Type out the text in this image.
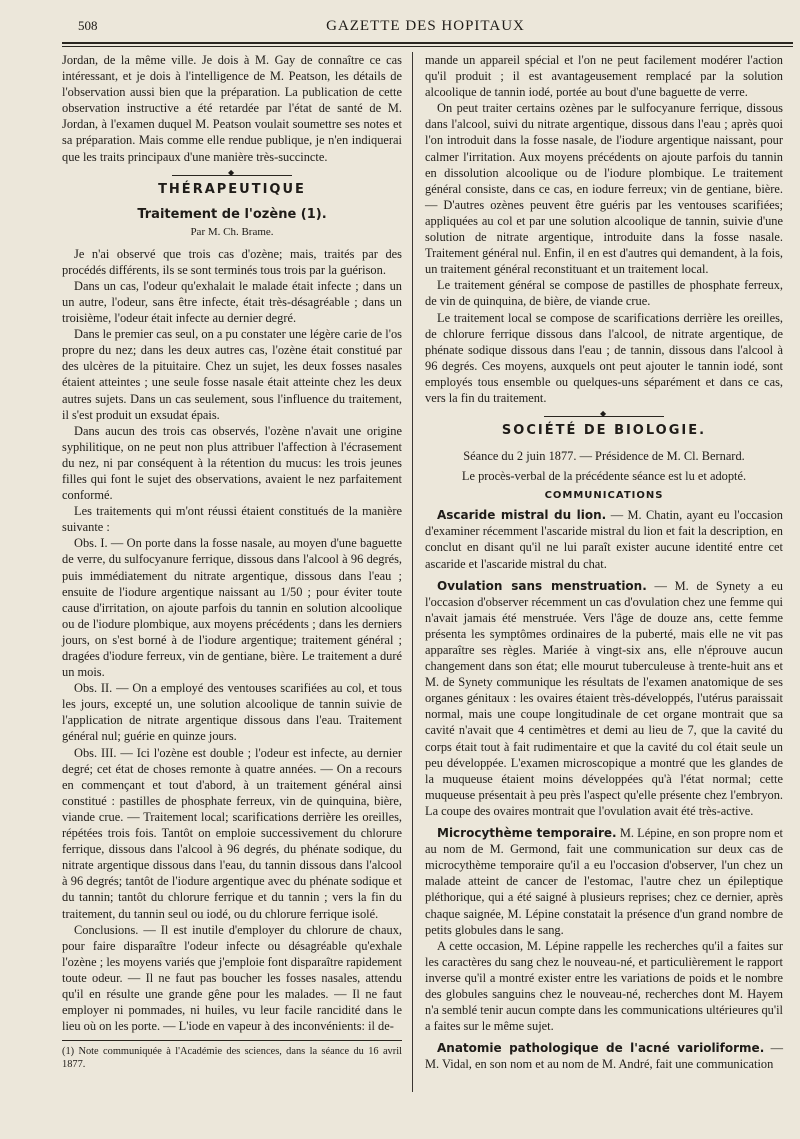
508	GAZETTE DES HOPITAUX

Jordan, de la même ville. Je dois à M. Gay de connaître ce cas intéressant, et je dois à l'intelligence de M. Peatson, les détails de l'observation aussi bien que la préparation. La publication de cette observation instructive a été retardée par l'état de santé de M. Jordan, à l'examen duquel M. Peatson voulait soumettre ses notes et sa préparation. Mais comme elle rendue publique, je n'en indiquerai que les traits principaux d'une manière très-succincte.

◆
THÉRAPEUTIQUE
Traitement de l'ozène (1).
Par M. Ch. Brame.

Je n'ai observé que trois cas d'ozène; mais, traités par des procédés différents, ils se sont terminés tous trois par la guérison.

Dans un cas, l'odeur qu'exhalait le malade était infecte ; dans un un autre, l'odeur, sans être infecte, était très-désagréable ; dans un troisième, l'odeur était infecte au dernier degré.

Dans le premier cas seul, on a pu constater une légère carie de l'os propre du nez; dans les deux autres cas, l'ozène était constitué par des ulcères de la pituitaire. Chez un sujet, les deux fosses nasales étaient atteintes ; une seule fosse nasale était atteinte chez les deux autres sujets. Dans un cas seulement, sous l'influence du traitement, il s'est produit un exsudat épais.

Dans aucun des trois cas observés, l'ozène n'avait une origine syphilitique, on ne peut non plus attribuer l'affection à l'écrasement du nez, ni par conséquent à la rétention du mucus: les trois jeunes filles qui font le sujet des observations, avaient le nez parfaitement conformé.

Les traitements qui m'ont réussi étaient constitués de la manière suivante :

Obs. I. — On porte dans la fosse nasale, au moyen d'une baguette de verre, du sulfocyanure ferrique, dissous dans l'alcool à 96 degrés, puis immédiatement du nitrate argentique, dissous dans l'eau ; ensuite de l'iodure argentique naissant au 1/50 ; pour éviter toute cause d'irritation, on ajoute parfois du tannin en solution alcoolique ou de l'iodure plombique, aux moyens précédents ; dans les derniers jours, on s'est borné à de l'iodure argentique; traitement général ; dragées d'iodure ferreux, vin de gentiane, bière. Le traitement a duré un mois.

Obs. II. — On a employé des ventouses scarifiées au col, et tous les jours, excepté un, une solution alcoolique de tannin suivie de l'application de nitrate argentique dissous dans l'eau. Traitement général nul; guérie en quinze jours.

Obs. III. — Ici l'ozène est double ; l'odeur est infecte, au dernier degré; cet état de choses remonte à quatre années. — On a recours en commençant et tout d'abord, à un traitement général ainsi constitué : pastilles de phosphate ferreux, vin de quinquina, bière, viande crue. — Traitement local; scarifications derrière les oreilles, répétées trois fois. Tantôt on emploie successivement du chlorure ferrique, dissous dans l'alcool à 96 degrés, du phénate sodique, du nitrate argentique dissous dans l'eau, du tannin dissous dans l'alcool à 96 degrés; tantôt de l'iodure argentique avec du phénate sodique et du tannin; tantôt du chlorure ferrique et du tannin ; vers la fin du traitement, du tannin seul ou iodé, ou du chlorure ferrique isolé.

Conclusions. — Il est inutile d'employer du chlorure de chaux, pour faire disparaître l'odeur infecte ou désagréable qu'exhale l'ozène ; les moyens variés que j'emploie font disparaître rapidement toute odeur. — Il ne faut pas boucher les fosses nasales, attendu qu'il en résulte une grande gêne pour les malades. — Il ne faut employer ni pommades, ni huiles, vu leur facile rancidité dans le lieu où on les porte. — L'iode en vapeur à des inconvénients: il de-

(1) Note communiquée à l'Académie des sciences, dans la séance du 16 avril 1877.

mande un appareil spécial et l'on ne peut facilement modérer l'action qu'il produit ; il est avantageusement remplacé par la solution alcoolique de tannin iodé, portée au bout d'une baguette de verre.

On peut traiter certains ozènes par le sulfocyanure ferrique, dissous dans l'alcool, suivi du nitrate argentique, dissous dans l'eau ; après quoi l'on introduit dans la fosse nasale, de l'iodure argentique naissant, pour calmer l'irritation. Aux moyens précédents on ajoute parfois du tannin en dissolution alcoolique ou de l'iodure plombique. Le traitement général consiste, dans ce cas, en iodure ferreux; vin de gentiane, bière. — D'autres ozènes peuvent être guéris par les ventouses scarifiées; appliquées au col et par une solution alcoolique de tannin, suivie d'une solution de nitrate argentique, introduite dans la fosse nasale. Traitement général nul. Enfin, il en est d'autres qui demandent, à la fois, un traitement général reconstituant et un traitement local.

Le traitement général se compose de pastilles de phosphate ferreux, de vin de quinquina, de bière, de viande crue.

Le traitement local se compose de scarifications derrière les oreilles, de chlorure ferrique dissous dans l'alcool, de nitrate argentique, de phénate sodique dissous dans l'eau ; de tannin, dissous dans l'alcool à 96 degrés. Ces moyens, auxquels ont peut ajouter le tannin iodé, sont employés tous ensemble ou quelques-uns séparément et dans ce cas, vers la fin du traitement.

◆
SOCIÉTÉ DE BIOLOGIE.

Séance du 2 juin 1877. — Présidence de M. Cl. Bernard.

Le procès-verbal de la précédente séance est lu et adopté.

COMMUNICATIONS

Ascaride mistral du lion. — M. Chatin, ayant eu l'occasion d'examiner récemment l'ascaride mistral du lion et fait la description, en conclut en disant qu'il ne lui paraît exister aucune identité entre cet ascaride et l'ascaride mistral du chat.

Ovulation sans menstruation. — M. de Synety a eu l'occasion d'observer récemment un cas d'ovulation chez une femme qui n'avait jamais été menstruée. Vers l'âge de douze ans, cette femme présenta les symptômes ordinaires de la puberté, mais elle ne vit pas apparaître ses règles. Mariée à vingt-six ans, elle n'éprouve aucun changement dans son état; elle mourut tuberculeuse à trente-huit ans et M. de Synety communique les résultats de l'examen anatomique de ses organes génitaux : les ovaires étaient très-développés, l'utérus paraissait normal, mais une coupe longitudinale de cet organe montrait que sa cavité n'avait que 4 centimètres et demi au lieu de 7, que la cavité du corps était tout à fait rudimentaire et que la cavité du col était seule un peu développée. L'examen microscopique a montré que les glandes de la muqueuse étaient moins développées qu'à l'état normal; cette muqueuse présentait à peu près l'aspect qu'elle présente chez l'embryon. La coupe des ovaires montrait que l'ovulation avait été très-active.

Microcythème temporaire. M. Lépine, en son propre nom et au nom de M. Germond, fait une communication sur deux cas de microcythème temporaire qu'il a eu l'occasion d'observer, l'un chez un malade atteint de cancer de l'estomac, l'autre chez un épileptique pléthorique, qui a été saigné à plusieurs reprises; chez ce dernier, après chaque saignée, M. Lépine constatait la présence d'un grand nombre de petits globules dans le sang.

A cette occasion, M. Lépine rappelle les recherches qu'il a faites sur les caractères du sang chez le nouveau-né, et particulièrement le rapport inverse qu'il a montré exister entre les variations de poids et le nombre des globules sanguins chez le nouveau-né, recherches dont M. Hayem n'a semblé tenir aucun compte dans les communications ultérieures qu'il a faites sur le même sujet.

Anatomie pathologique de l'acné varioliforme. — M. Vidal, en son nom et au nom de M. André, fait une communication
